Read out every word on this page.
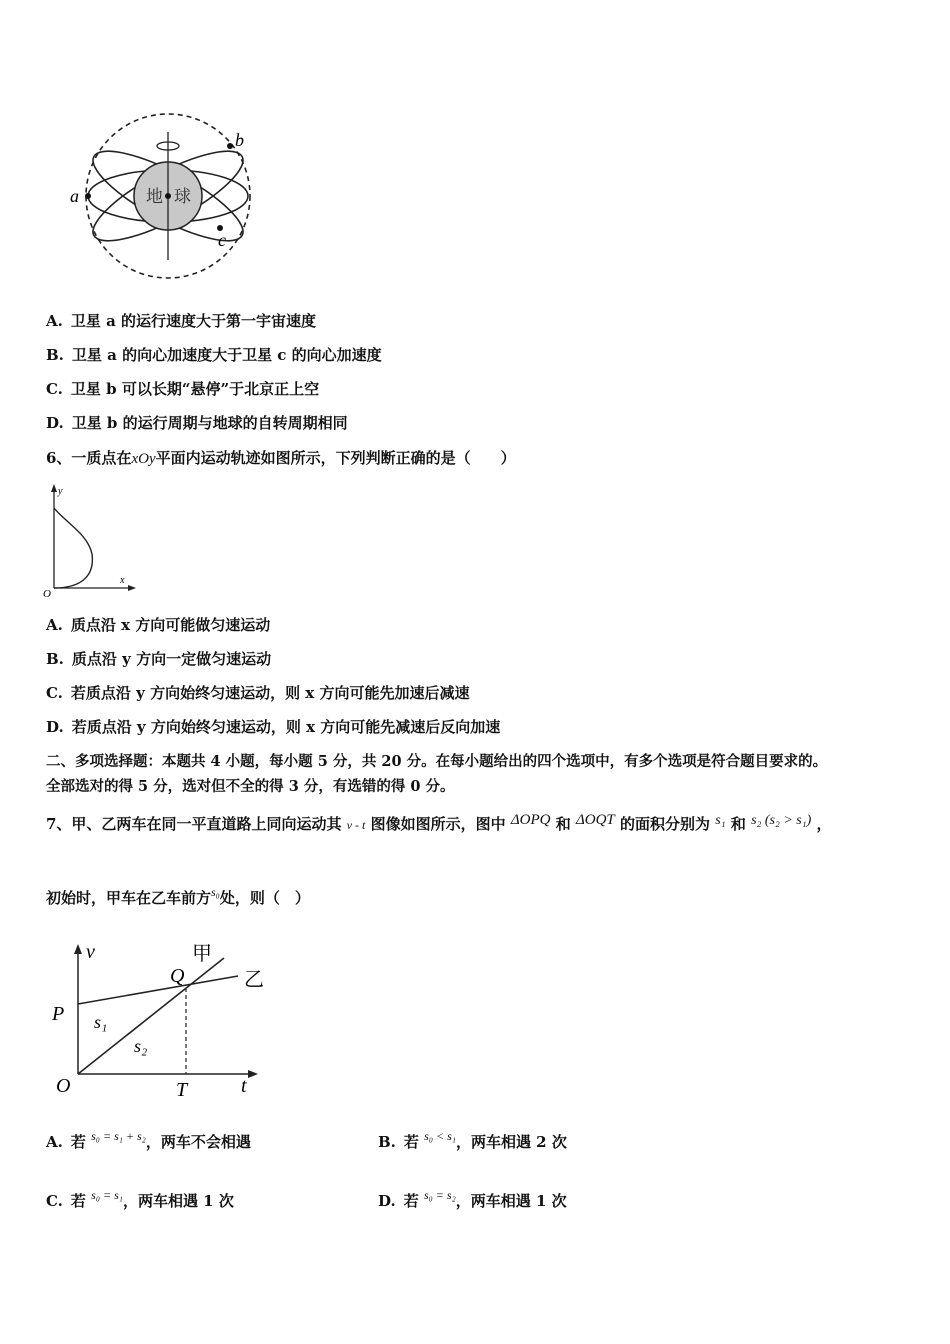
地 球
a
b
c
A. 卫星 a 的运行速度大于第一宇宙速度
B. 卫星 a 的向心加速度大于卫星 c 的向心加速度
C. 卫星 b 可以长期“悬停”于北京正上空
D. 卫星 b 的运行周期与地球的自转周期相同
6、一质点在xOy平面内运动轨迹如图所示，下列判断正确的是（　　）
y
x
O
A. 质点沿 x 方向可能做匀速运动
B. 质点沿 y 方向一定做匀速运动
C. 若质点沿 y 方向始终匀速运动，则 x 方向可能先加速后减速
D. 若质点沿 y 方向始终匀速运动，则 x 方向可能先减速后反向加速
二、多项选择题：本题共 4 小题，每小题 5 分，共 20 分。在每小题给出的四个选项中，有多个选项是符合题目要求的。
全部选对的得 5 分，选对但不全的得 3 分，有选错的得 0 分。
7、甲、乙两车在同一平直道路上同向运动其 v - t 图像如图所示，图中 ΔOPQ 和 ΔOQT 的面积分别为 s₁ 和 s₂ (s₂ > s₁) ，
初始时，甲车在乙车前方$^{s_0}$处，则（　）
v
t
O
P
Q
T
甲
乙
s₁
s₂
A. 若 $^{s_0 = s_1 + s_2}$，两车不会相遇	B. 若 $^{s_0 < s_1}$，两车相遇 2 次
C. 若 $^{s_0 = s_1}$，两车相遇 1 次	D. 若 $^{s_0 = s_2}$，两车相遇 1 次
